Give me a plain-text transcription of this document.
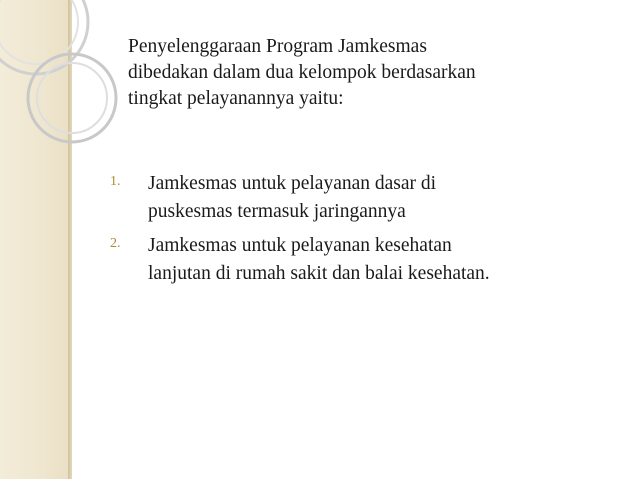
Penyelenggaraan Program Jamkesmas
dibedakan dalam dua kelompok berdasarkan
tingkat pelayanannya yaitu:

1. Jamkesmas untuk pelayanan dasar di
puskesmas termasuk jaringannya
2. Jamkesmas untuk pelayanan kesehatan
lanjutan di rumah sakit dan balai kesehatan.
